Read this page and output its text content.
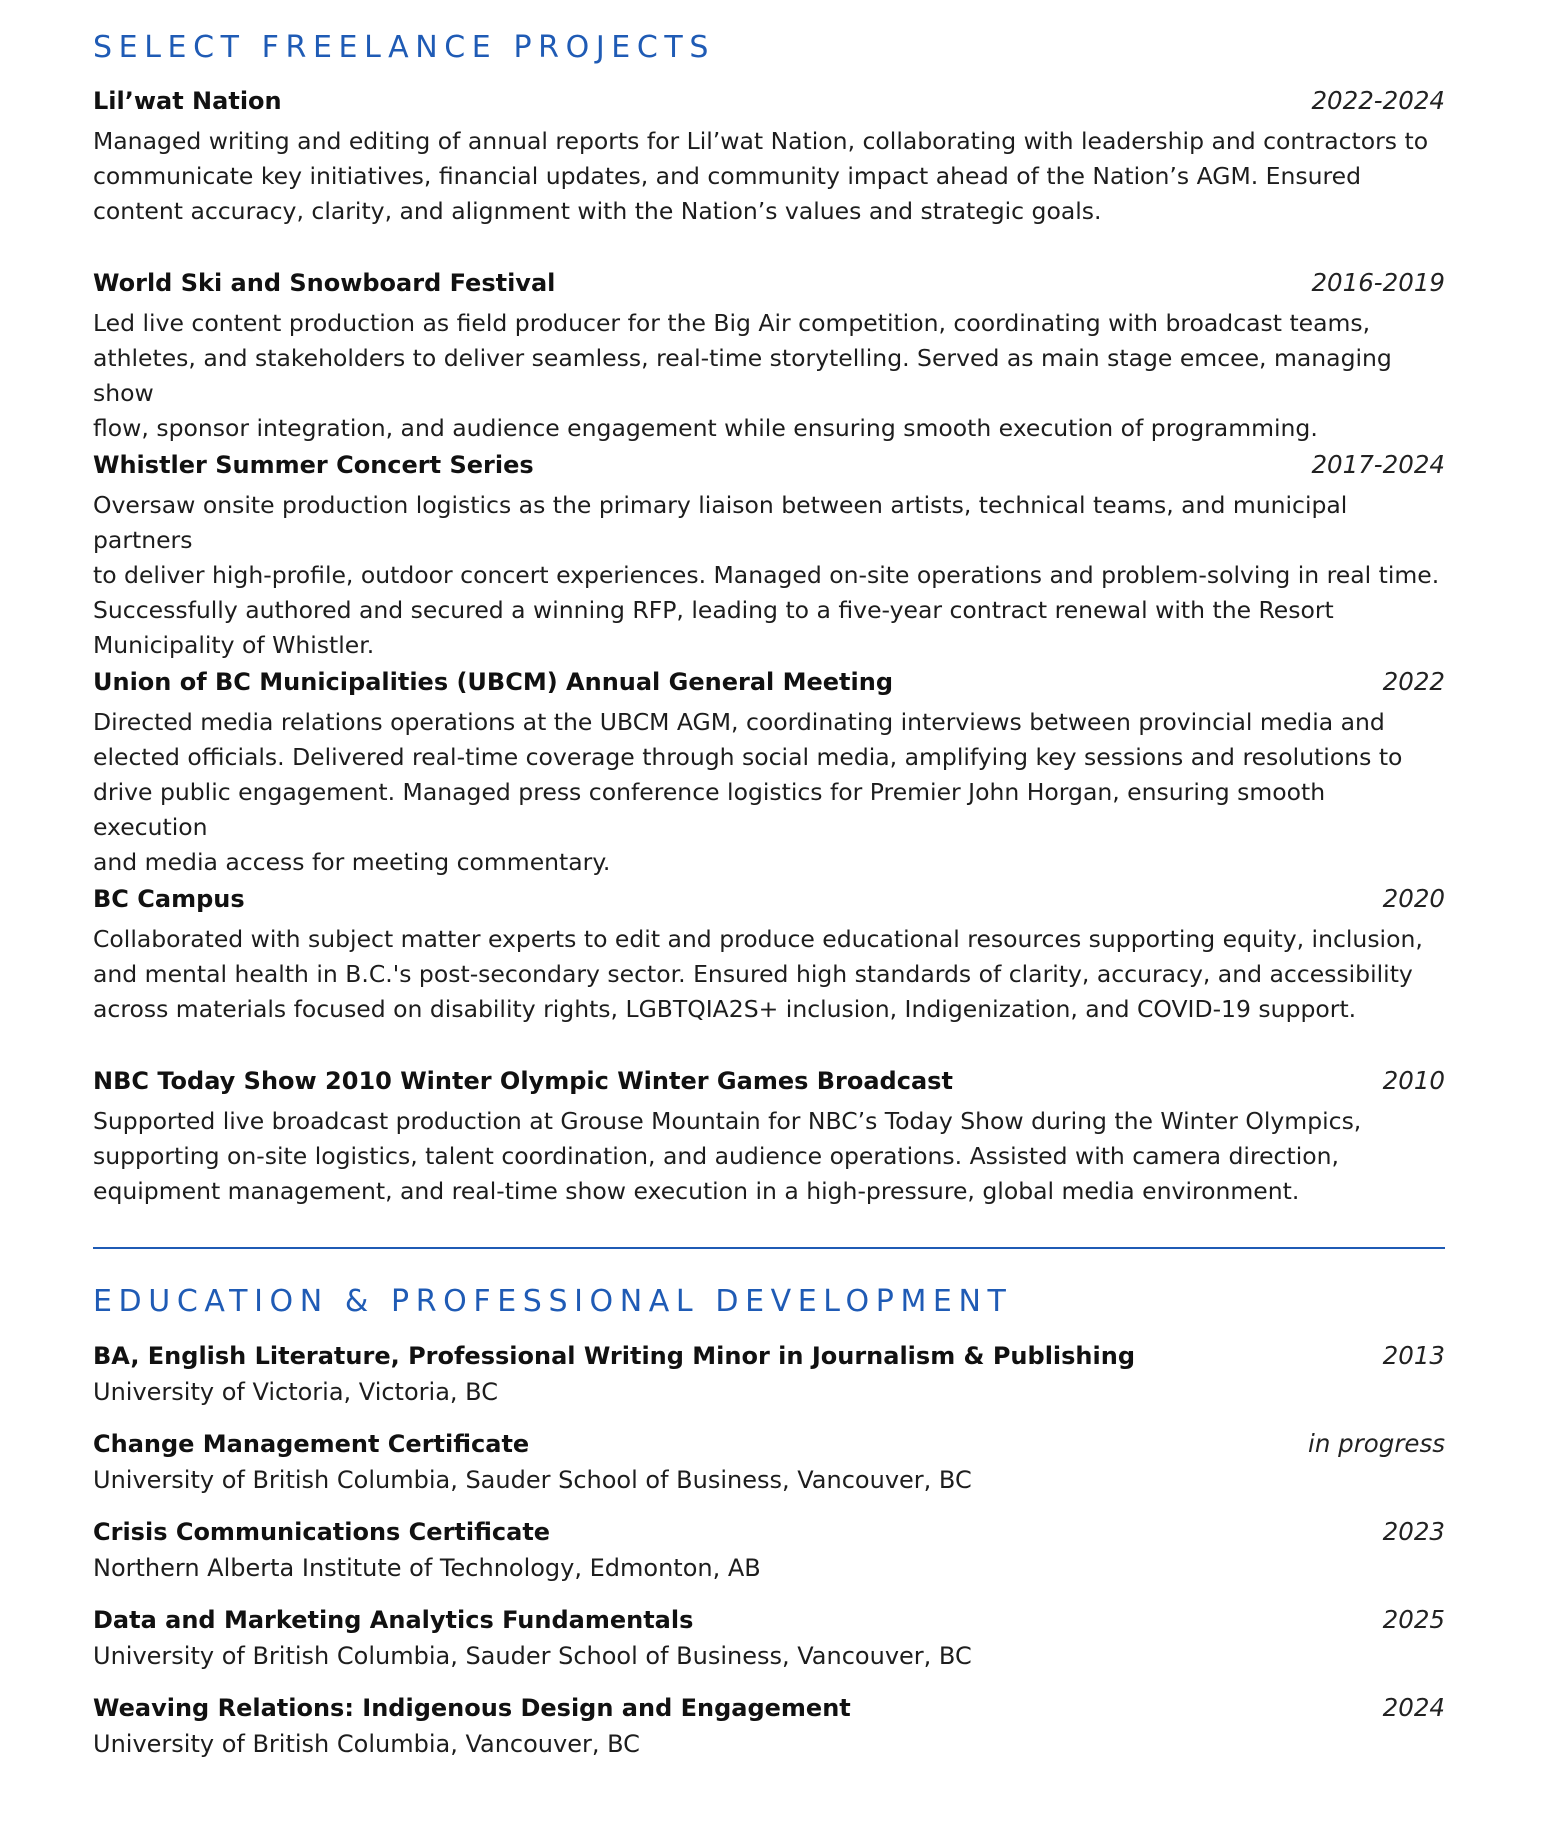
SELECT FREELANCE PROJECTS
Lil’wat Nation	2022-2024

Managed writing and editing of annual reports for Lil’wat Nation, collaborating with leadership and contractors to
communicate key initiatives, financial updates, and community impact ahead of the Nation’s AGM. Ensured
content accuracy, clarity, and alignment with the Nation’s values and strategic goals.

World Ski and Snowboard Festival	2016-2019

Led live content production as field producer for the Big Air competition, coordinating with broadcast teams,
athletes, and stakeholders to deliver seamless, real-time storytelling. Served as main stage emcee, managing show
flow, sponsor integration, and audience engagement while ensuring smooth execution of programming.

Whistler Summer Concert Series	2017-2024

Oversaw onsite production logistics as the primary liaison between artists, technical teams, and municipal partners
to deliver high-profile, outdoor concert experiences. Managed on-site operations and problem-solving in real time.
Successfully authored and secured a winning RFP, leading to a five-year contract renewal with the Resort
Municipality of Whistler.

Union of BC Municipalities (UBCM) Annual General Meeting	2022

Directed media relations operations at the UBCM AGM, coordinating interviews between provincial media and
elected officials. Delivered real-time coverage through social media, amplifying key sessions and resolutions to
drive public engagement. Managed press conference logistics for Premier John Horgan, ensuring smooth execution
and media access for meeting commentary.

BC Campus	2020

Collaborated with subject matter experts to edit and produce educational resources supporting equity, inclusion,
and mental health in B.C.'s post-secondary sector. Ensured high standards of clarity, accuracy, and accessibility
across materials focused on disability rights, LGBTQIA2S+ inclusion, Indigenization, and COVID-19 support.

NBC Today Show 2010 Winter Olympic Winter Games Broadcast	2010

Supported live broadcast production at Grouse Mountain for NBC’s Today Show during the Winter Olympics,
supporting on-site logistics, talent coordination, and audience operations. Assisted with camera direction,
equipment management, and real-time show execution in a high-pressure, global media environment.

EDUCATION & PROFESSIONAL DEVELOPMENT
BA, English Literature, Professional Writing Minor in Journalism & Publishing	2013
University of Victoria, Victoria, BC
Change Management Certificate	in progress
University of British Columbia, Sauder School of Business, Vancouver, BC
Crisis Communications Certificate	2023
Northern Alberta Institute of Technology, Edmonton, AB
Data and Marketing Analytics Fundamentals	2025
University of British Columbia, Sauder School of Business, Vancouver, BC
Weaving Relations: Indigenous Design and Engagement	2024
University of British Columbia, Vancouver, BC
